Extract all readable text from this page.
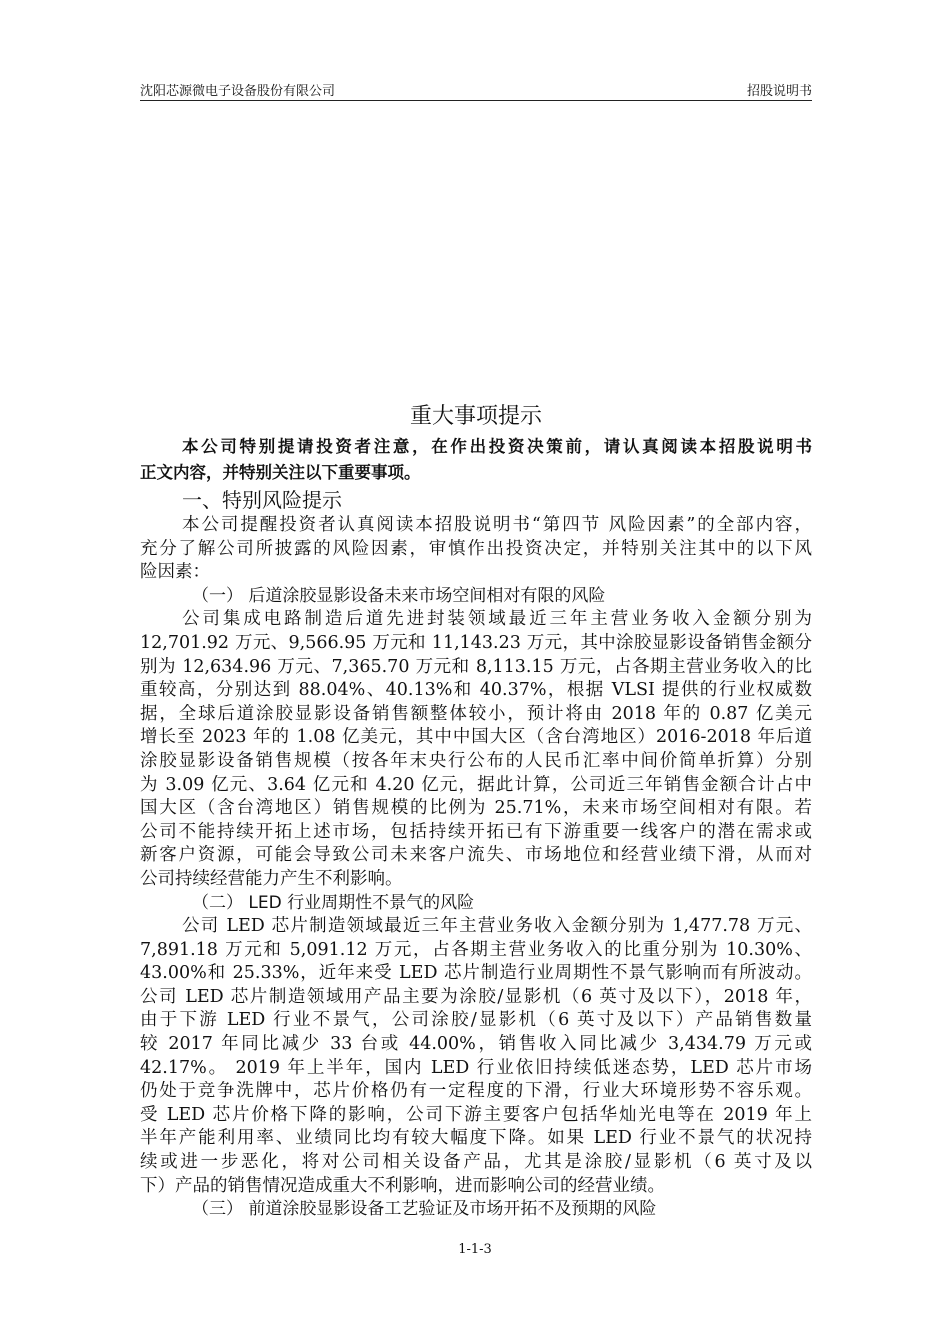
沈阳芯源微电子设备股份有限公司	招股说明书
重大事项提示
本公司特别提请投资者注意，在作出投资决策前，请认真阅读本招股说明书
正文内容，并特别关注以下重要事项。
一、特别风险提示
本公司提醒投资者认真阅读本招股说明书“第四节 风险因素”的全部内容，
充分了解公司所披露的风险因素，审慎作出投资决定，并特别关注其中的以下风
险因素：
（一） 后道涂胶显影设备未来市场空间相对有限的风险
公司集成电路制造后道先进封装领域最近三年主营业务收入金额分别为
12,701.92 万元、9,566.95 万元和 11,143.23 万元，其中涂胶显影设备销售金额分
别为 12,634.96 万元、7,365.70 万元和 8,113.15 万元，占各期主营业务收入的比
重较高，分别达到 88.04%、40.13%和 40.37%，根据 VLSI 提供的行业权威数
据，全球后道涂胶显影设备销售额整体较小，预计将由 2018 年的 0.87 亿美元
增长至 2023 年的 1.08 亿美元，其中中国大区（含台湾地区）2016-2018 年后道
涂胶显影设备销售规模（按各年末央行公布的人民币汇率中间价简单折算）分别
为 3.09 亿元、3.64 亿元和 4.20 亿元，据此计算，公司近三年销售金额合计占中
国大区（含台湾地区）销售规模的比例为 25.71%，未来市场空间相对有限。若
公司不能持续开拓上述市场，包括持续开拓已有下游重要一线客户的潜在需求或
新客户资源，可能会导致公司未来客户流失、市场地位和经营业绩下滑，从而对
公司持续经营能力产生不利影响。
（二） LED 行业周期性不景气的风险
公司 LED 芯片制造领域最近三年主营业务收入金额分别为 1,477.78 万元、
7,891.18 万元和 5,091.12 万元，占各期主营业务收入的比重分别为 10.30%、
43.00%和 25.33%，近年来受 LED 芯片制造行业周期性不景气影响而有所波动。
公司 LED 芯片制造领域用产品主要为涂胶/显影机（6 英寸及以下），2018 年，
由于下游 LED 行业不景气，公司涂胶/显影机（6 英寸及以下）产品销售数量
较 2017 年同比减少 33 台或 44.00%，销售收入同比减少 3,434.79 万元或
42.17%。 2019 年上半年，国内 LED 行业依旧持续低迷态势，LED 芯片市场
仍处于竞争洗牌中，芯片价格仍有一定程度的下滑，行业大环境形势不容乐观。
受 LED 芯片价格下降的影响，公司下游主要客户包括华灿光电等在 2019 年上
半年产能利用率、业绩同比均有较大幅度下降。如果 LED 行业不景气的状况持
续或进一步恶化，将对公司相关设备产品，尤其是涂胶/显影机（6 英寸及以
下）产品的销售情况造成重大不利影响，进而影响公司的经营业绩。
（三） 前道涂胶显影设备工艺验证及市场开拓不及预期的风险
1-1-3
